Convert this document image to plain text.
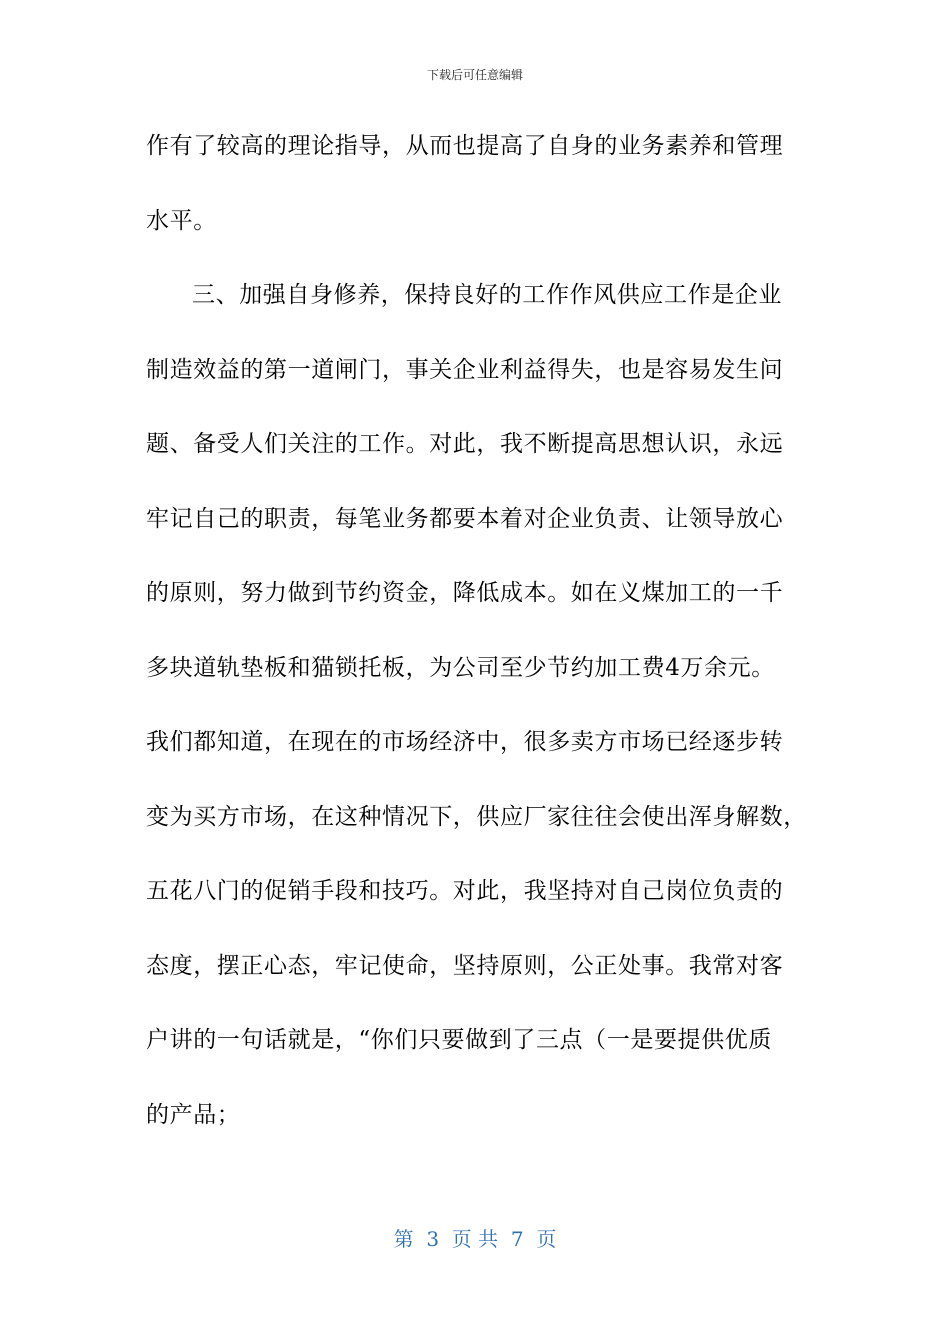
下载后可任意编辑
作有了较高的理论指导，从而也提高了自身的业务素养和管理
水平。
三、加强自身修养，保持良好的工作作风供应工作是企业
制造效益的第一道闸门，事关企业利益得失，也是容易发生问
题、备受人们关注的工作。对此，我不断提高思想认识，永远
牢记自己的职责，每笔业务都要本着对企业负责、让领导放心
的原则，努力做到节约资金，降低成本。如在义煤加工的一千
多块道轨垫板和猫锁托板，为公司至少节约加工费4万余元。
我们都知道，在现在的市场经济中，很多卖方市场已经逐步转
变为买方市场，在这种情况下，供应厂家往往会使出浑身解数，
五花八门的促销手段和技巧。对此，我坚持对自己岗位负责的
态度，摆正心态，牢记使命，坚持原则，公正处事。我常对客
户讲的一句话就是，“你们只要做到了三点（一是要提供优质
的产品；
第  3  页 共  7  页
